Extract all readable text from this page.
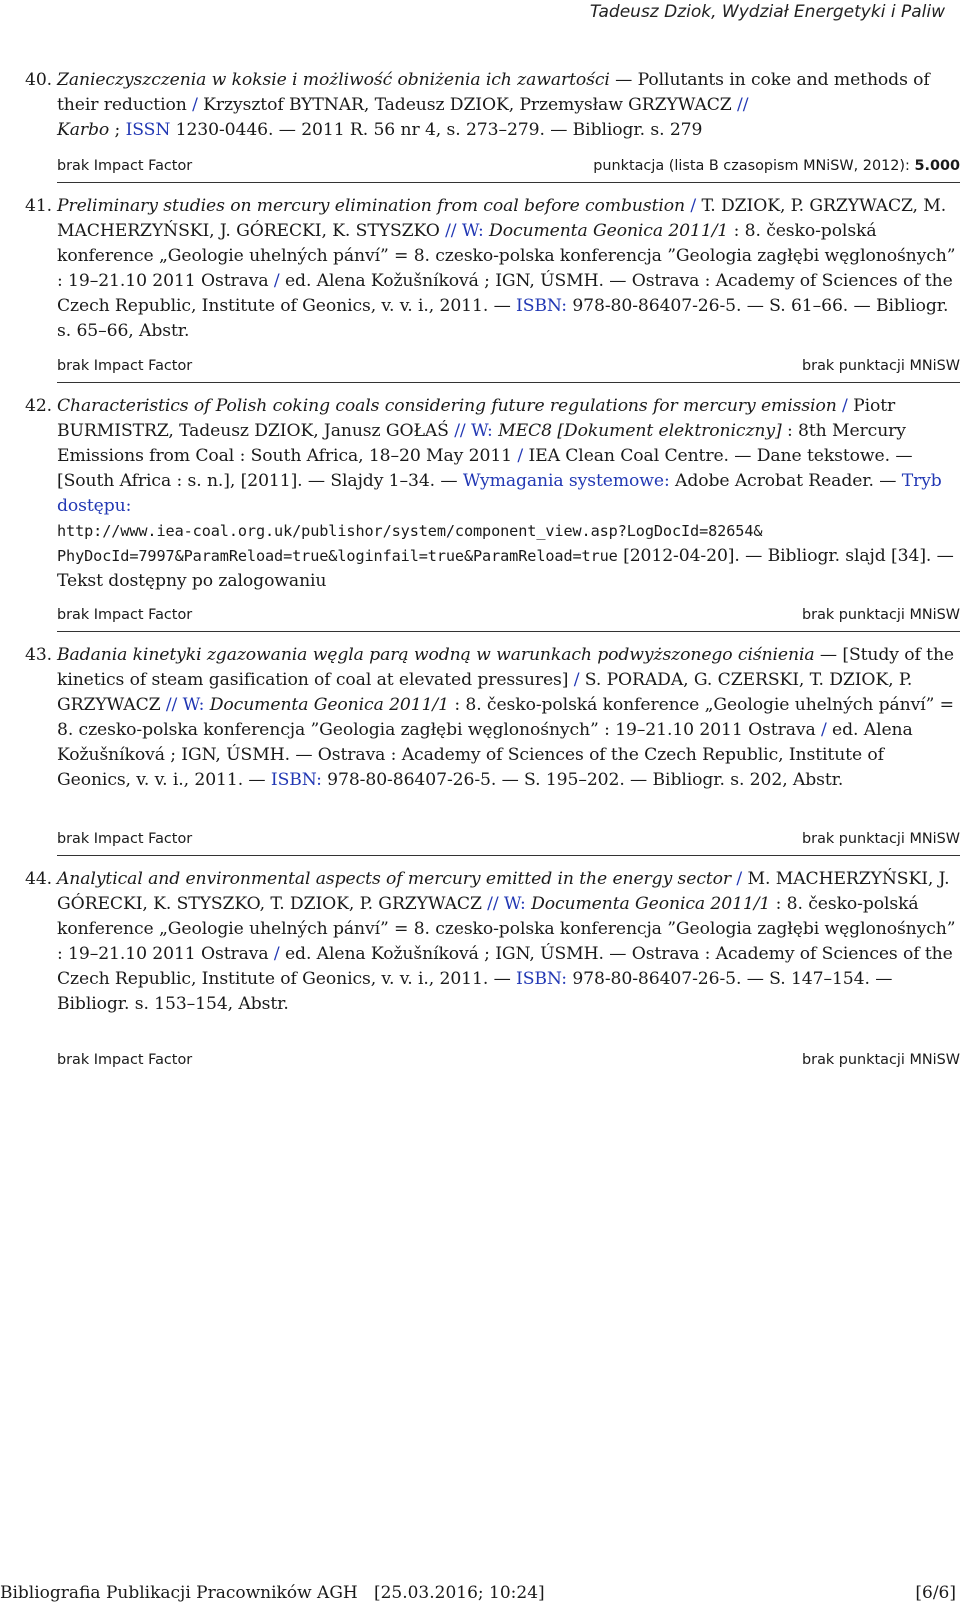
Tadeusz Dziok, Wydział Energetyki i Paliw
40. Zanieczyszczenia w koksie i możliwość obniżenia ich zawartości — Pollutants in coke and methods of their reduction / Krzysztof BYTNAR, Tadeusz DZIOK, Przemysław GRZYWACZ //
Karbo ; ISSN 1230-0446. — 2011 R. 56 nr 4, s. 273–279. — Bibliogr. s. 279
brak Impact Factor	punktacja (lista B czasopism MNiSW, 2012): 5.000
41. Preliminary studies on mercury elimination from coal before combustion / T. DZIOK, P. GRZYWACZ, M. MACHERZYŃSKI, J. GÓRECKI, K. STYSZKO // W: Documenta Geonica 2011/1 : 8. česko-polská konference „Geologie uhelných pánví” = 8. czesko-polska konferencja ”Geologia zagłębi węglonośnych” : 19–21.10 2011 Ostrava / ed. Alena Kožušníková ; IGN, ÚSMH. — Ostrava : Academy of Sciences of the Czech Republic, Institute of Geonics, v. v. i., 2011. — ISBN: 978-80-86407-26-5. — S. 61–66. — Bibliogr. s. 65–66, Abstr.
brak Impact Factor	brak punktacji MNiSW
42. Characteristics of Polish coking coals considering future regulations for mercury emission / Piotr BURMISTRZ, Tadeusz DZIOK, Janusz GOŁAŚ // W: MEC8 [Dokument elektroniczny] : 8th Mercury Emissions from Coal : South Africa, 18–20 May 2011 / IEA Clean Coal Centre. — Dane tekstowe. — [South Africa : s. n.], [2011]. — Slajdy 1–34. — Wymagania systemowe: Adobe Acrobat Reader. — Tryb dostępu:
http://www.iea-coal.org.uk/publishor/system/component_view.asp?LogDocId=82654&
PhyDocId=7997&ParamReload=true&loginfail=true&ParamReload=true [2012-04-20]. — Bibliogr. slajd [34]. — Tekst dostępny po zalogowaniu
brak Impact Factor	brak punktacji MNiSW
43. Badania kinetyki zgazowania węgla parą wodną w warunkach podwyższonego ciśnienia — [Study of the kinetics of steam gasification of coal at elevated pressures] / S. PORADA, G. CZERSKI, T. DZIOK, P. GRZYWACZ // W: Documenta Geonica 2011/1 : 8. česko-polská konference „Geologie uhelných pánví” = 8. czesko-polska konferencja ”Geologia zagłębi węglonośnych” : 19–21.10 2011 Ostrava / ed. Alena Kožušníková ; IGN, ÚSMH. — Ostrava : Academy of Sciences of the Czech Republic, Institute of Geonics, v. v. i., 2011. — ISBN: 978-80-86407-26-5. — S. 195–202. — Bibliogr. s. 202, Abstr.
brak Impact Factor	brak punktacji MNiSW
44. Analytical and environmental aspects of mercury emitted in the energy sector / M. MACHERZYŃSKI, J. GÓRECKI, K. STYSZKO, T. DZIOK, P. GRZYWACZ // W: Documenta Geonica 2011/1 : 8. česko-polská konference „Geologie uhelných pánví” = 8. czesko-polska konferencja ”Geologia zagłębi węglonośnych” : 19–21.10 2011 Ostrava / ed. Alena Kožušníková ; IGN, ÚSMH. — Ostrava : Academy of Sciences of the Czech Republic, Institute of Geonics, v. v. i., 2011. — ISBN: 978-80-86407-26-5. — S. 147–154. — Bibliogr. s. 153–154, Abstr.
brak Impact Factor	brak punktacji MNiSW
Bibliografia Publikacji Pracowników AGH [25.03.2016; 10:24]	[6/6]
